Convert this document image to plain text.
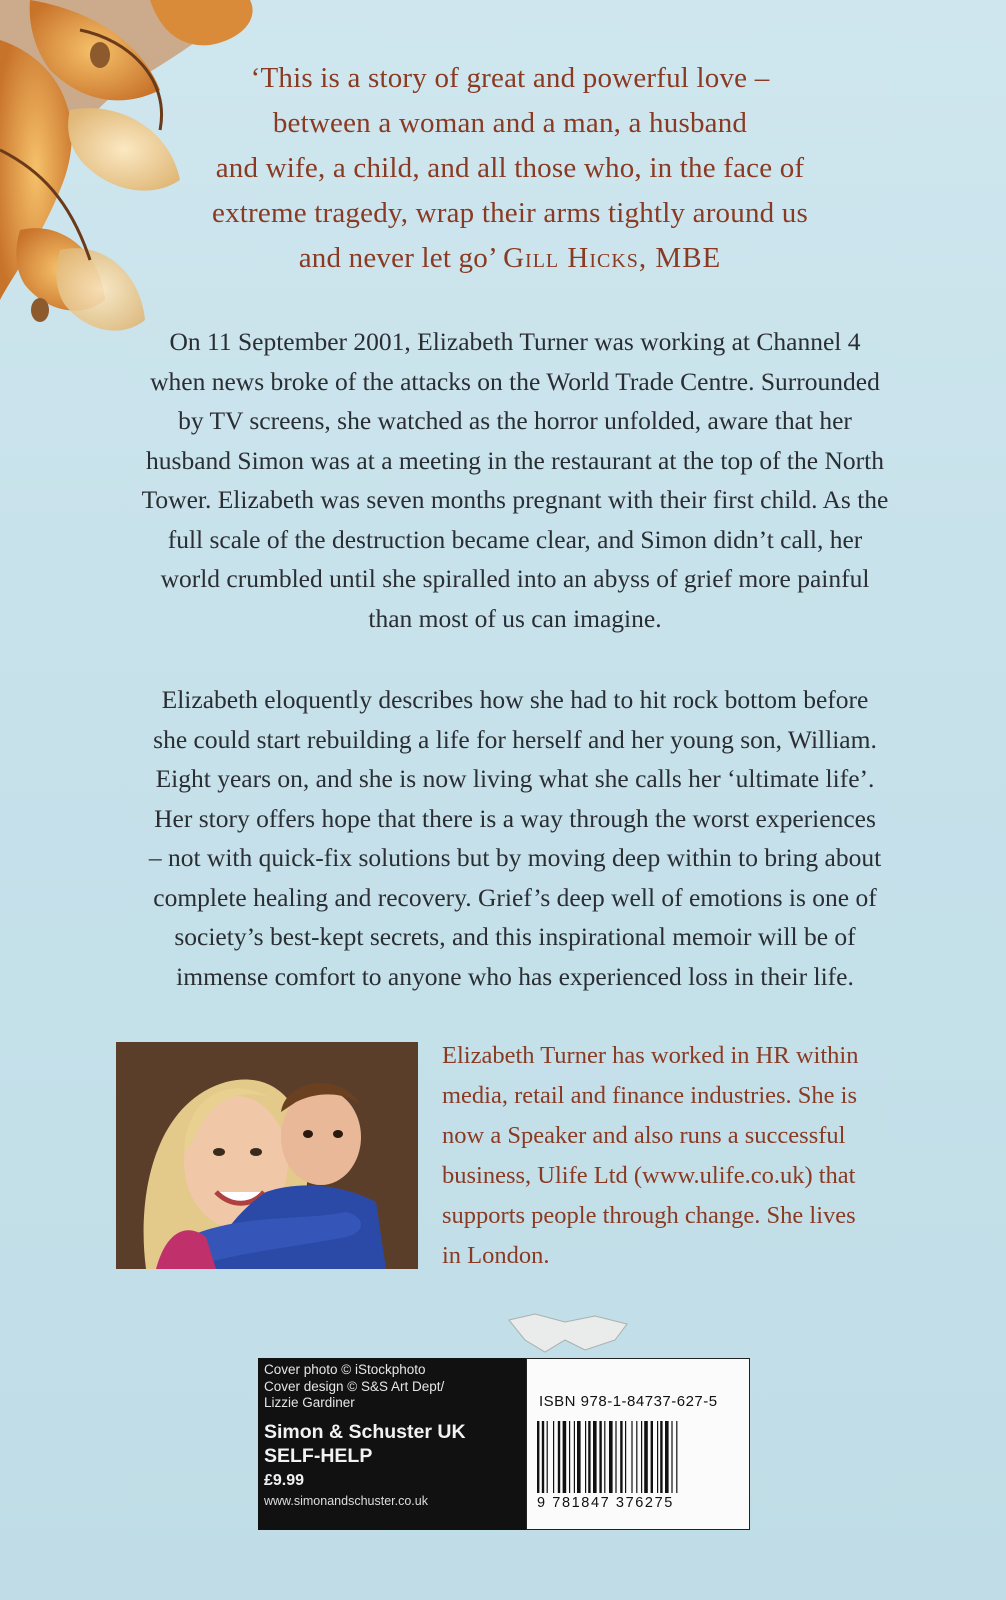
‘This is a story of great and powerful love –
between a woman and a man, a husband
and wife, a child, and all those who, in the face of
extreme tragedy, wrap their arms tightly around us
and never let go’ Gill Hicks, MBE
On 11 September 2001, Elizabeth Turner was working at Channel 4
when news broke of the attacks on the World Trade Centre. Surrounded
by TV screens, she watched as the horror unfolded, aware that her
husband Simon was at a meeting in the restaurant at the top of the North
Tower. Elizabeth was seven months pregnant with their first child. As the
full scale of the destruction became clear, and Simon didn’t call, her
world crumbled until she spiralled into an abyss of grief more painful
than most of us can imagine.
Elizabeth eloquently describes how she had to hit rock bottom before
she could start rebuilding a life for herself and her young son, William.
Eight years on, and she is now living what she calls her ‘ultimate life’.
Her story offers hope that there is a way through the worst experiences
– not with quick-fix solutions but by moving deep within to bring about
complete healing and recovery. Grief’s deep well of emotions is one of
society’s best-kept secrets, and this inspirational memoir will be of
immense comfort to anyone who has experienced loss in their life.
Elizabeth Turner has worked in HR within
media, retail and finance industries. She is
now a Speaker and also runs a successful
business, Ulife Ltd (www.ulife.co.uk) that
supports people through change. She lives
in London.
Cover photo © iStockphoto
Cover design © S&S Art Dept/
Lizzie Gardiner
Simon & Schuster UK
SELF-HELP
£9.99
www.simonandschuster.co.uk
ISBN 978-1-84737-627-5
9 781847 376275
